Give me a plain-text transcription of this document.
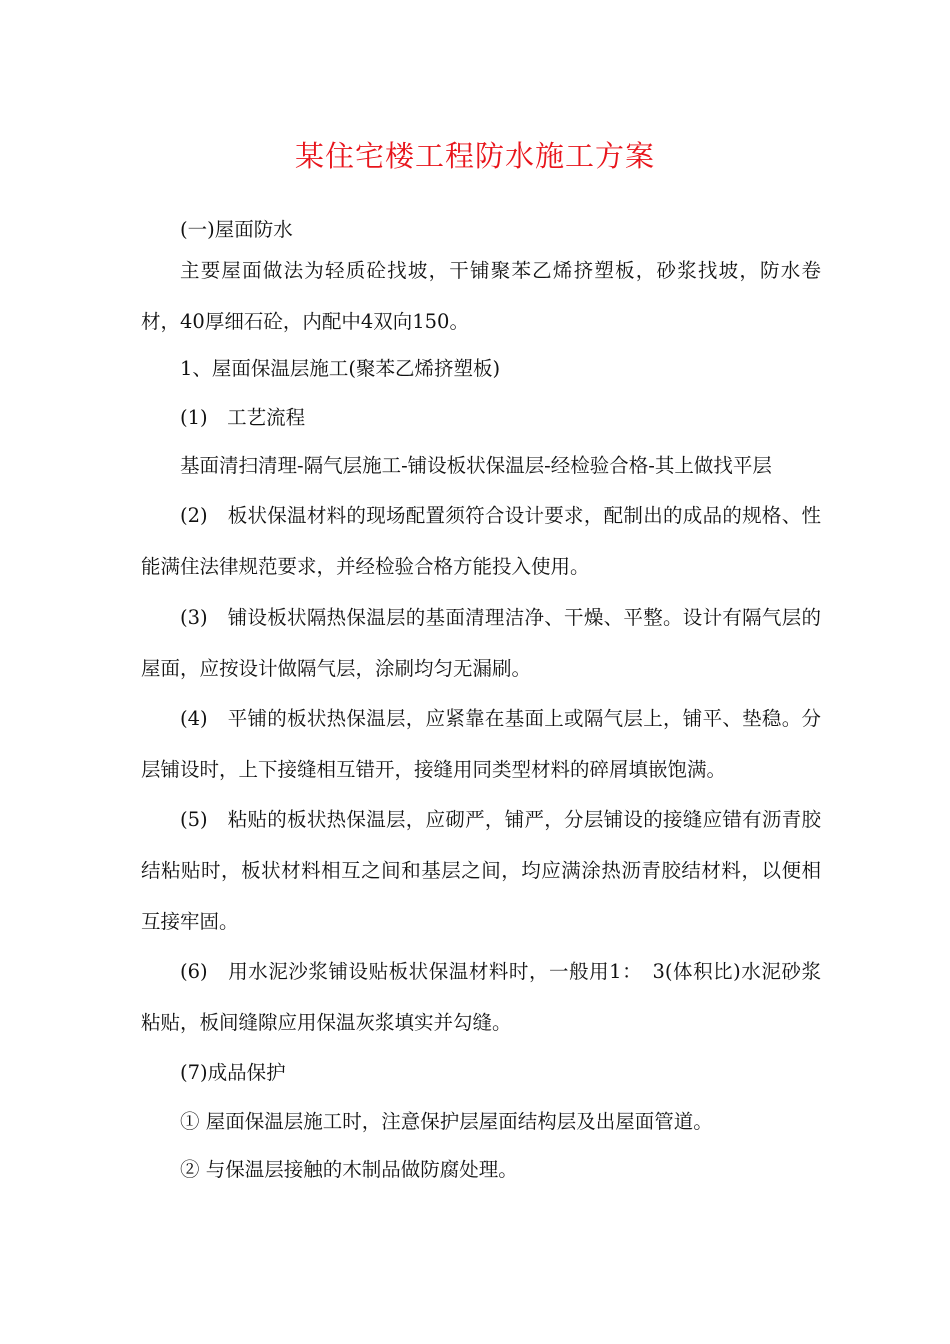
某住宅楼工程防水施工方案

(一)屋面防水

主要屋面做法为轻质砼找坡，干铺聚苯乙烯挤塑板，砂浆找坡，防水卷材，40厚细石砼，内配中4双向150。

1、屋面保温层施工(聚苯乙烯挤塑板)

(1)　工艺流程

基面清扫清理-隔气层施工-铺设板状保温层-经检验合格-其上做找平层

(2)　板状保温材料的现场配置须符合设计要求，配制出的成品的规格、性能满住法律规范要求，并经检验合格方能投入使用。

(3)　铺设板状隔热保温层的基面清理洁净、干燥、平整。设计有隔气层的屋面，应按设计做隔气层，涂刷均匀无漏刷。

(4)　平铺的板状热保温层，应紧靠在基面上或隔气层上，铺平、垫稳。分层铺设时，上下接缝相互错开，接缝用同类型材料的碎屑填嵌饱满。

(5)　粘贴的板状热保温层，应砌严，铺严，分层铺设的接缝应错有沥青胶结粘贴时，板状材料相互之间和基层之间，均应满涂热沥青胶结材料，以便相互接牢固。

(6)　用水泥沙浆铺设贴板状保温材料时，一般用1：　3(体积比)水泥砂浆粘贴，板间缝隙应用保温灰浆填实并勾缝。

(7)成品保护

① 屋面保温层施工时，注意保护层屋面结构层及出屋面管道。

② 与保温层接触的木制品做防腐处理。
